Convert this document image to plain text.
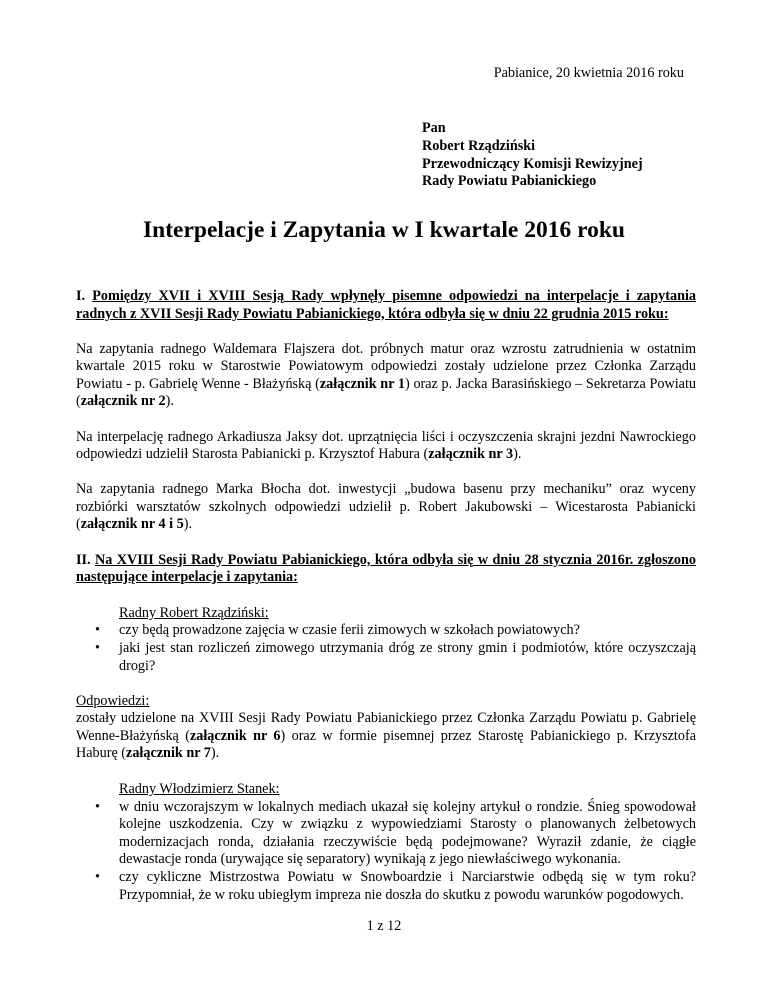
Pabianice, 20 kwietnia 2016 roku
Pan
Robert Rządziński
Przewodniczący Komisji Rewizyjnej
Rady Powiatu Pabianickiego
Interpelacje i Zapytania w I kwartale 2016 roku

I. Pomiędzy XVII i XVIII Sesją Rady wpłynęły pisemne odpowiedzi na interpelacje i zapytania radnych z XVII Sesji Rady Powiatu Pabianickiego, która odbyła się w dniu 22 grudnia 2015 roku:

Na zapytania radnego Waldemara Flajszera dot. próbnych matur oraz wzrostu zatrudnienia w ostatnim kwartale 2015 roku w Starostwie Powiatowym odpowiedzi zostały udzielone przez Członka Zarządu Powiatu - p. Gabrielę Wenne - Błażyńską (załącznik nr 1) oraz p. Jacka Barasińskiego – Sekretarza Powiatu (załącznik nr 2).

Na interpelację radnego Arkadiusza Jaksy dot. uprzątnięcia liści i oczyszczenia skrajni jezdni Nawrockiego odpowiedzi udzielił Starosta Pabianicki p. Krzysztof Habura (załącznik nr 3).

Na zapytania radnego Marka Błocha dot. inwestycji „budowa basenu przy mechaniku” oraz wyceny rozbiórki warsztatów szkolnych odpowiedzi udzielił p. Robert Jakubowski – Wicestarosta Pabianicki (załącznik nr 4 i 5).

II. Na XVIII Sesji Rady Powiatu Pabianickiego, która odbyła się w dniu 28 stycznia 2016r. zgłoszono następujące interpelacje i zapytania:

Radny Robert Rządziński:

• czy będą prowadzone zajęcia w czasie ferii zimowych w szkołach powiatowych?

• jaki jest stan rozliczeń zimowego utrzymania dróg ze strony gmin i podmiotów, które oczyszczają drogi?

Odpowiedzi:

zostały udzielone na XVIII Sesji Rady Powiatu Pabianickiego przez Członka Zarządu Powiatu p. Gabrielę Wenne-Błażyńską (załącznik nr 6) oraz w formie pisemnej przez Starostę Pabianickiego p. Krzysztofa Haburę (załącznik nr 7).

Radny Włodzimierz Stanek:

• w dniu wczorajszym w lokalnych mediach ukazał się kolejny artykuł o rondzie. Śnieg spowodował kolejne uszkodzenia. Czy w związku z wypowiedziami Starosty o planowanych żelbetowych modernizacjach ronda, działania rzeczywiście będą podejmowane? Wyraził zdanie, że ciągłe dewastacje ronda (urywające się separatory) wynikają z jego niewłaściwego wykonania.

• czy cykliczne Mistrzostwa Powiatu w Snowboardzie i Narciarstwie odbędą się w tym roku? Przypomniał, że w roku ubiegłym impreza nie doszła do skutku z powodu warunków pogodowych.

1 z 12
